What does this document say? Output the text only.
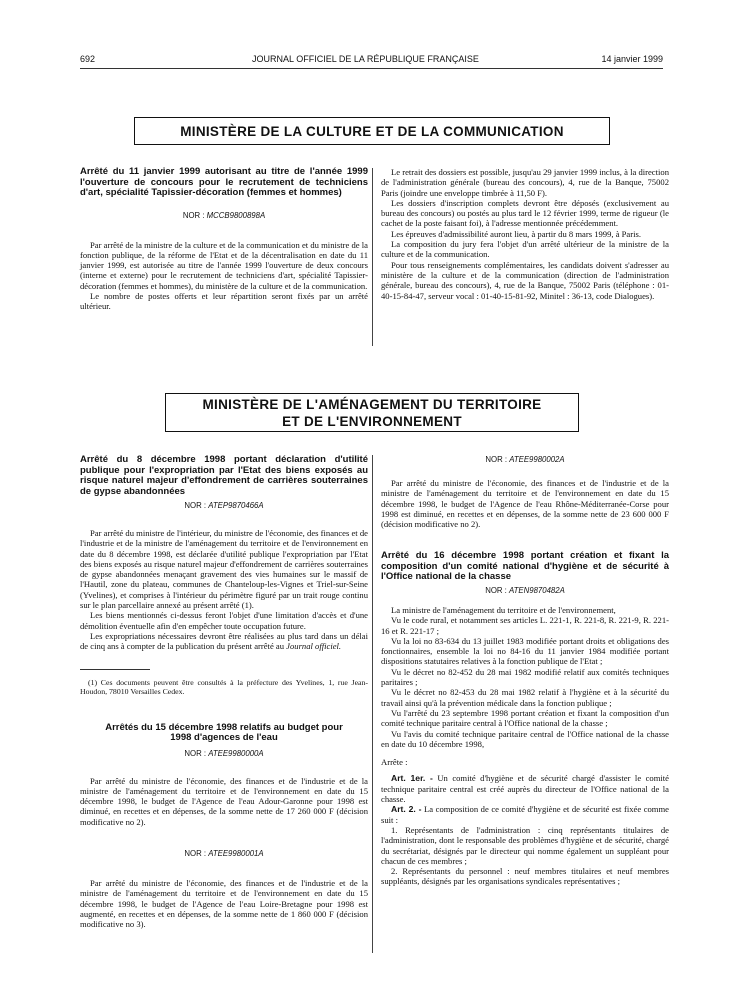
692	JOURNAL OFFICIEL DE LA RÉPUBLIQUE FRANÇAISE	14 janvier 1999
MINISTÈRE DE LA CULTURE ET DE LA COMMUNICATION

Arrêté du 11 janvier 1999 autorisant au titre de l'année 1999 l'ouverture de concours pour le recrutement de techniciens d'art, spécialité Tapissier-décoration (femmes et hommes)

NOR : MCCB9800898A

Par arrêté de la ministre de la culture et de la communication et du ministre de la fonction publique, de la réforme de l'Etat et de la décentralisation en date du 11 janvier 1999, est autorisée au titre de l'année 1999 l'ouverture de deux concours (interne et externe) pour le recrutement de techniciens d'art, spécialité Tapissier-décoration (femmes et hommes), du ministère de la culture et de la communication.

Le nombre de postes offerts et leur répartition seront fixés par un arrêté ultérieur.

Le retrait des dossiers est possible, jusqu'au 29 janvier 1999 inclus, à la direction de l'administration générale (bureau des concours), 4, rue de la Banque, 75002 Paris (joindre une enveloppe timbrée à 11,50 F).

Les dossiers d'inscription complets devront être déposés (exclusivement au bureau des concours) ou postés au plus tard le 12 février 1999, terme de rigueur (le cachet de la poste faisant foi), à l'adresse mentionnée précédemment.

Les épreuves d'admissibilité auront lieu, à partir du 8 mars 1999, à Paris.

La composition du jury fera l'objet d'un arrêté ultérieur de la ministre de la culture et de la communication.

Pour tous renseignements complémentaires, les candidats doivent s'adresser au ministère de la culture et de la communication (direction de l'administration générale, bureau des concours), 4, rue de la Banque, 75002 Paris (téléphone : 01-40-15-84-47, serveur vocal : 01-40-15-81-92, Minitel : 36-13, code Dialogues).

MINISTÈRE DE L'AMÉNAGEMENT DU TERRITOIRE
ET DE L'ENVIRONNEMENT

Arrêté du 8 décembre 1998 portant déclaration d'utilité publique pour l'expropriation par l'Etat des biens exposés au risque naturel majeur d'effondrement de carrières souterraines de gypse abandonnées

NOR : ATEP9870466A

Par arrêté du ministre de l'intérieur, du ministre de l'économie, des finances et de l'industrie et de la ministre de l'aménagement du territoire et de l'environnement en date du 8 décembre 1998, est déclarée d'utilité publique l'expropriation par l'Etat des biens exposés au risque naturel majeur d'effondrement de carrières souterraines de gypse abandonnées menaçant gravement des vies humaines sur le massif de l'Hautil, zone du plateau, communes de Chanteloup-les-Vignes et Triel-sur-Seine (Yvelines), et comprises à l'intérieur du périmètre figuré par un trait rouge continu sur le plan parcellaire annexé au présent arrêté (1).

Les biens mentionnés ci-dessus feront l'objet d'une limitation d'accès et d'une démolition éventuelle afin d'en empêcher toute occupation future.

Les expropriations nécessaires devront être réalisées au plus tard dans un délai de cinq ans à compter de la publication du présent arrêté au Journal officiel.

(1) Ces documents peuvent être consultés à la préfecture des Yvelines, 1, rue Jean-Houdon, 78010 Versailles Cedex.

Arrêtés du 15 décembre 1998 relatifs au budget pour 1998 d'agences de l'eau

NOR : ATEE9980000A

Par arrêté du ministre de l'économie, des finances et de l'industrie et de la ministre de l'aménagement du territoire et de l'environnement en date du 15 décembre 1998, le budget de l'Agence de l'eau Adour-Garonne pour 1998 est diminué, en recettes et en dépenses, de la somme nette de 17 260 000 F (décision modificative no 2).

NOR : ATEE9980001A

Par arrêté du ministre de l'économie, des finances et de l'industrie et de la ministre de l'aménagement du territoire et de l'environnement en date du 15 décembre 1998, le budget de l'Agence de l'eau Loire-Bretagne pour 1998 est augmenté, en recettes et en dépenses, de la somme nette de 1 860 000 F (décision modificative no 3).

NOR : ATEE9980002A

Par arrêté du ministre de l'économie, des finances et de l'industrie et de la ministre de l'aménagement du territoire et de l'environnement en date du 15 décembre 1998, le budget de l'Agence de l'eau Rhône-Méditerranée-Corse pour 1998 est diminué, en recettes et en dépenses, de la somme nette de 23 600 000 F (décision modificative no 2).

Arrêté du 16 décembre 1998 portant création et fixant la composition d'un comité national d'hygiène et de sécurité à l'Office national de la chasse

NOR : ATEN9870482A

La ministre de l'aménagement du territoire et de l'environnement,

Vu le code rural, et notamment ses articles L. 221-1, R. 221-8, R. 221-9, R. 221-16 et R. 221-17 ;

Vu la loi no 83-634 du 13 juillet 1983 modifiée portant droits et obligations des fonctionnaires, ensemble la loi no 84-16 du 11 janvier 1984 modifiée portant dispositions statutaires relatives à la fonction publique de l'Etat ;

Vu le décret no 82-452 du 28 mai 1982 modifié relatif aux comités techniques paritaires ;

Vu le décret no 82-453 du 28 mai 1982 relatif à l'hygiène et à la sécurité du travail ainsi qu'à la prévention médicale dans la fonction publique ;

Vu l'arrêté du 23 septembre 1998 portant création et fixant la composition d'un comité technique paritaire central à l'Office national de la chasse ;

Vu l'avis du comité technique paritaire central de l'Office national de la chasse en date du 10 décembre 1998,

Arrête :

Art. 1er. - Un comité d'hygiène et de sécurité chargé d'assister le comité technique paritaire central est créé auprès du directeur de l'Office national de la chasse.

Art. 2. - La composition de ce comité d'hygiène et de sécurité est fixée comme suit :

1. Représentants de l'administration : cinq représentants titulaires de l'administration, dont le responsable des problèmes d'hygiène et de sécurité, chargé du secrétariat, désignés par le directeur qui nomme également un suppléant pour chacun de ces membres ;

2. Représentants du personnel : neuf membres titulaires et neuf membres suppléants, désignés par les organisations syndicales représentatives ;
